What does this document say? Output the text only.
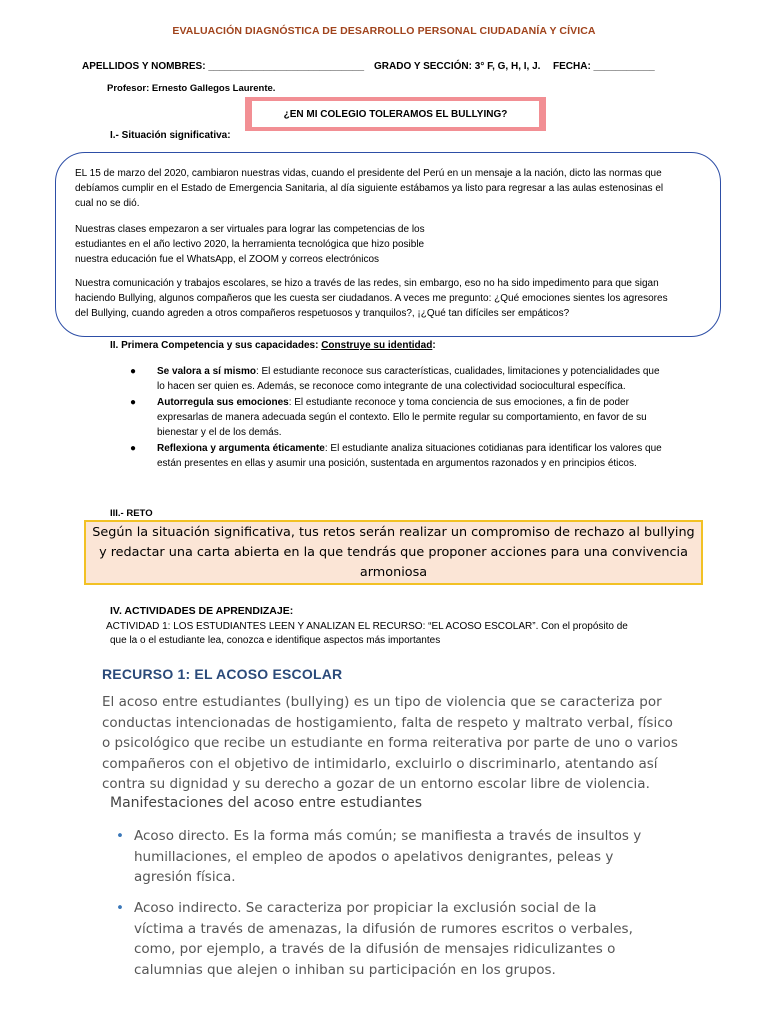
EVALUACIÓN DIAGNÓSTICA DE DESARROLLO PERSONAL CIUDADANÍA Y CÍVICA
APELLIDOS Y NOMBRES: ____________________________ GRADO Y SECCIÓN: 3° F, G, H, I, J. FECHA: ___________
Profesor: Ernesto Gallegos Laurente.
¿EN MI COLEGIO TOLERAMOS EL BULLYING?
I.- Situación significativa:
EL 15 de marzo del 2020, cambiaron nuestras vidas, cuando el presidente del Perú en un mensaje a la nación, dicto las normas que
debíamos cumplir en el Estado de Emergencia Sanitaria, al día siguiente estábamos ya listo para regresar a las aulas estenosinas el
cual no se dió.
Nuestras clases empezaron a ser virtuales para lograr las competencias de los
estudiantes en el año lectivo 2020, la herramienta tecnológica que hizo posible
nuestra educación fue el WhatsApp, el ZOOM y correos electrónicos
Nuestra comunicación y trabajos escolares, se hizo a través de las redes, sin embargo, eso no ha sido impedimento para que sigan
haciendo Bullying, algunos compañeros que les cuesta ser ciudadanos. A veces me pregunto: ¿Qué emociones sientes los agresores
del Bullying, cuando agreden a otros compañeros respetuosos y tranquilos?, ¡¿Qué tan difíciles ser empáticos?
II. Primera Competencia y sus capacidades: Construye su identidad:
● Se valora a sí mismo: El estudiante reconoce sus características, cualidades, limitaciones y potencialidades que lo hacen ser quien es. Además, se reconoce como integrante de una colectividad sociocultural específica.
● Autorregula sus emociones: El estudiante reconoce y toma conciencia de sus emociones, a fin de poder expresarlas de manera adecuada según el contexto. Ello le permite regular su comportamiento, en favor de su bienestar y el de los demás.
● Reflexiona y argumenta éticamente: El estudiante analiza situaciones cotidianas para identificar los valores que están presentes en ellas y asumir una posición, sustentada en argumentos razonados y en principios éticos.
III.- RETO
Según la situación significativa, tus retos serán realizar un compromiso de rechazo al bullying y redactar una carta abierta en la que tendrás que proponer acciones para una convivencia armoniosa
IV. ACTIVIDADES DE APRENDIZAJE:
ACTIVIDAD 1: LOS ESTUDIANTES LEEN Y ANALIZAN EL RECURSO: “EL ACOSO ESCOLAR”. Con el propósito de
que la o el estudiante lea, conozca e identifique aspectos más importantes
RECURSO 1: EL ACOSO ESCOLAR
El acoso entre estudiantes (bullying) es un tipo de violencia que se caracteriza por
conductas intencionadas de hostigamiento, falta de respeto y maltrato verbal, físico
o psicológico que recibe un estudiante en forma reiterativa por parte de uno o varios
compañeros con el objetivo de intimidarlo, excluirlo o discriminarlo, atentando así
contra su dignidad y su derecho a gozar de un entorno escolar libre de violencia.
Manifestaciones del acoso entre estudiantes
• Acoso directo. Es la forma más común; se manifiesta a través de insultos y humillaciones, el empleo de apodos o apelativos denigrantes, peleas y agresión física.
• Acoso indirecto. Se caracteriza por propiciar la exclusión social de la víctima a través de amenazas, la difusión de rumores escritos o verbales, como, por ejemplo, a través de la difusión de mensajes ridiculizantes o calumnias que alejen o inhiban su participación en los grupos.
